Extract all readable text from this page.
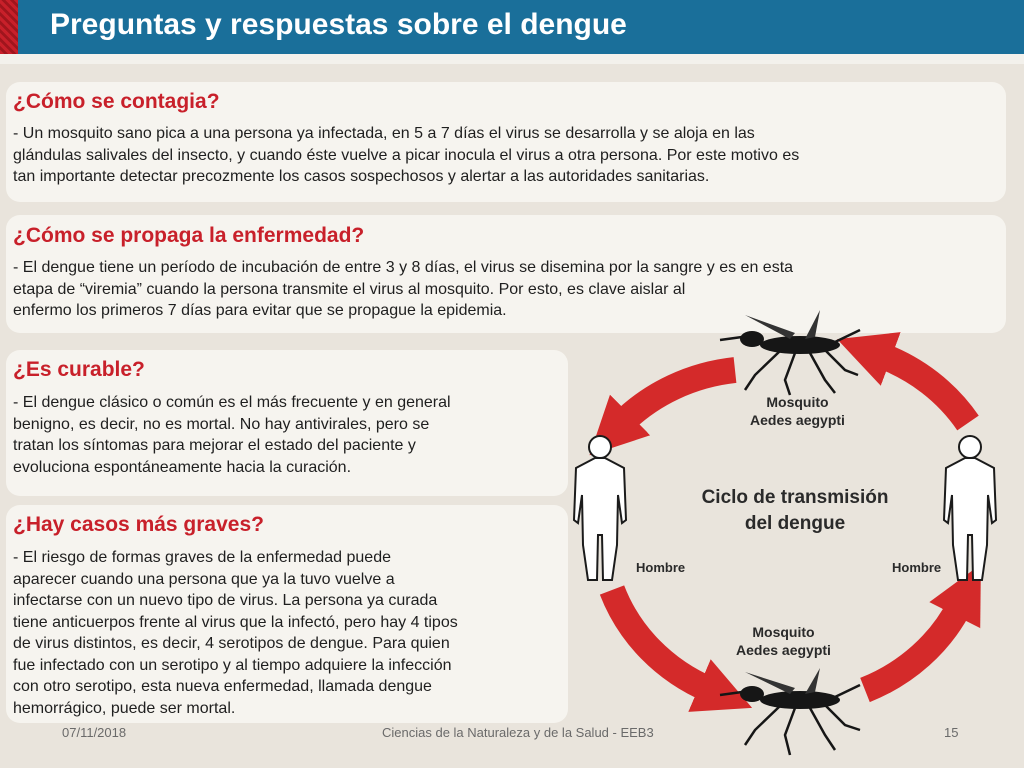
Preguntas y respuestas sobre el dengue
¿Cómo se contagia?
- Un mosquito sano pica a una persona ya infectada, en 5 a 7 días el virus se desarrolla y se aloja en las
glándulas salivales del insecto, y cuando éste vuelve a picar inocula el virus a otra persona. Por este motivo es
tan importante detectar precozmente los casos sospechosos y alertar a las autoridades sanitarias.
¿Cómo se propaga la enfermedad?
- El dengue tiene un período de incubación de entre 3 y 8 días, el virus se disemina por la sangre y es en esta
etapa de “viremia” cuando la persona transmite el virus al mosquito. Por esto, es clave aislar al
enfermo los primeros 7 días para evitar que se propague la epidemia.
¿Es curable?
- El dengue clásico o común es el más frecuente y en general
benigno, es decir, no es mortal. No hay antivirales, pero se
tratan los síntomas para mejorar el estado del paciente y
evoluciona espontáneamente hacia la curación.
¿Hay casos más graves?
- El riesgo de formas graves de la enfermedad puede
aparecer cuando una persona que ya la tuvo vuelve a
infectarse con un nuevo tipo de virus. La persona ya curada
tiene anticuerpos frente al virus que la infectó, pero hay 4 tipos
de virus distintos, es decir, 4 serotipos de dengue. Para quien
fue infectado con un serotipo y al tiempo adquiere la infección
con otro serotipo, esta nueva enfermedad, llamada dengue
hemorrágico, puede ser mortal.
Mosquito
Aedes aegypti
Ciclo de transmisión
del dengue
Hombre	Hombre
Mosquito
Aedes aegypti
07/11/2018	Ciencias de la Naturaleza y de la Salud - EEB3	15
